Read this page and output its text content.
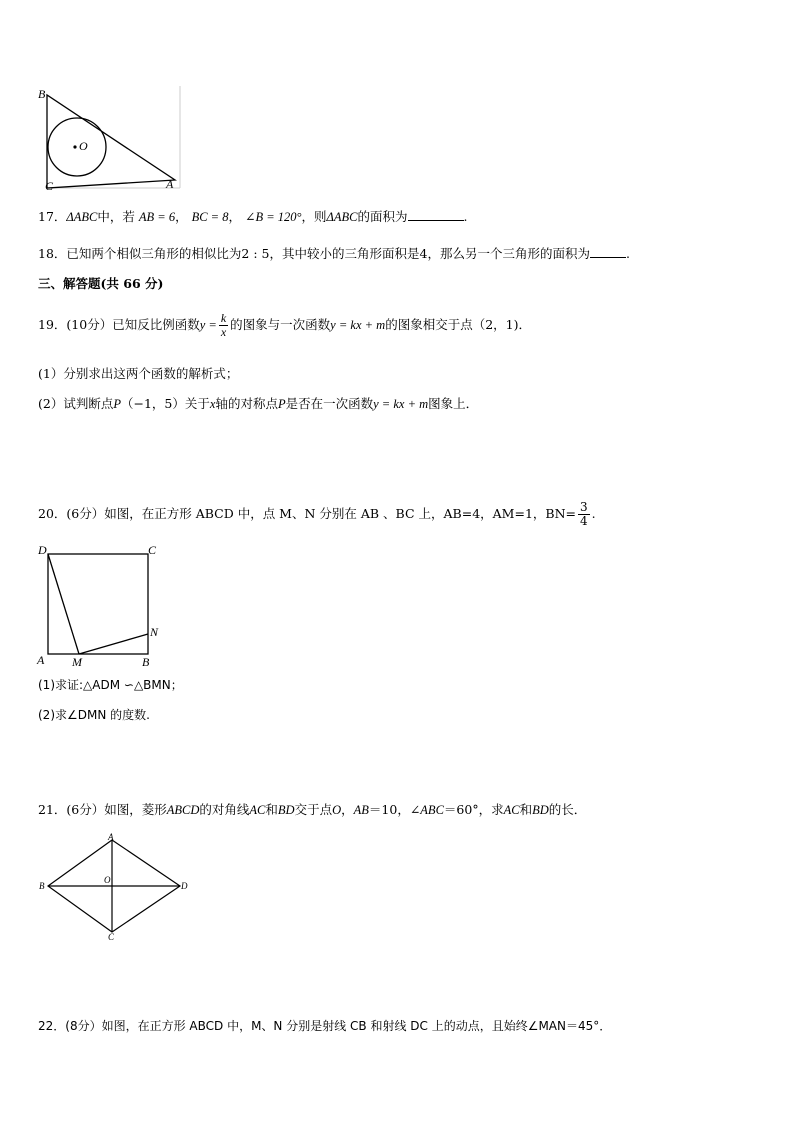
B
O
C	A
17．ΔABC中，若 AB = 6， BC = 8， ∠B = 120°，则ΔABC的面积为	.
18．已知两个相似三角形的相似比为2 : 5，其中较小的三角形面积是4，那么另一个三角形的面积为	.
三、解答题(共 66 分)
19．(10分）已知反比例函数$y = \frac{k}{x}$ 的图象与一次函数y = kx + m的图象相交于点（2，1)．
(1）分别求出这两个函数的解析式；
(2）试判断点P（−1，5）关于x轴的对称点P是否在一次函数y = kx + m图象上．
20．(6分）如图，在正方形 ABCD 中，点 M、N 分别在 AB 、BC 上，AB=4，AM=1，$BN= \frac{3}{4}$ .
D	C
N
A M	B
(1)求证:△ADM ∽△BMN；
(2)求∠DMN 的度数.
21．(6分）如图，菱形ABCD的对角线AC和BD交于点O，AB＝10，∠ABC＝60°，求AC和BD的长．
A
B
O
D
C
22．(8分）如图，在正方形 ABCD 中，M、N 分别是射线 CB 和射线 DC 上的动点，且始终∠MAN＝45°．
